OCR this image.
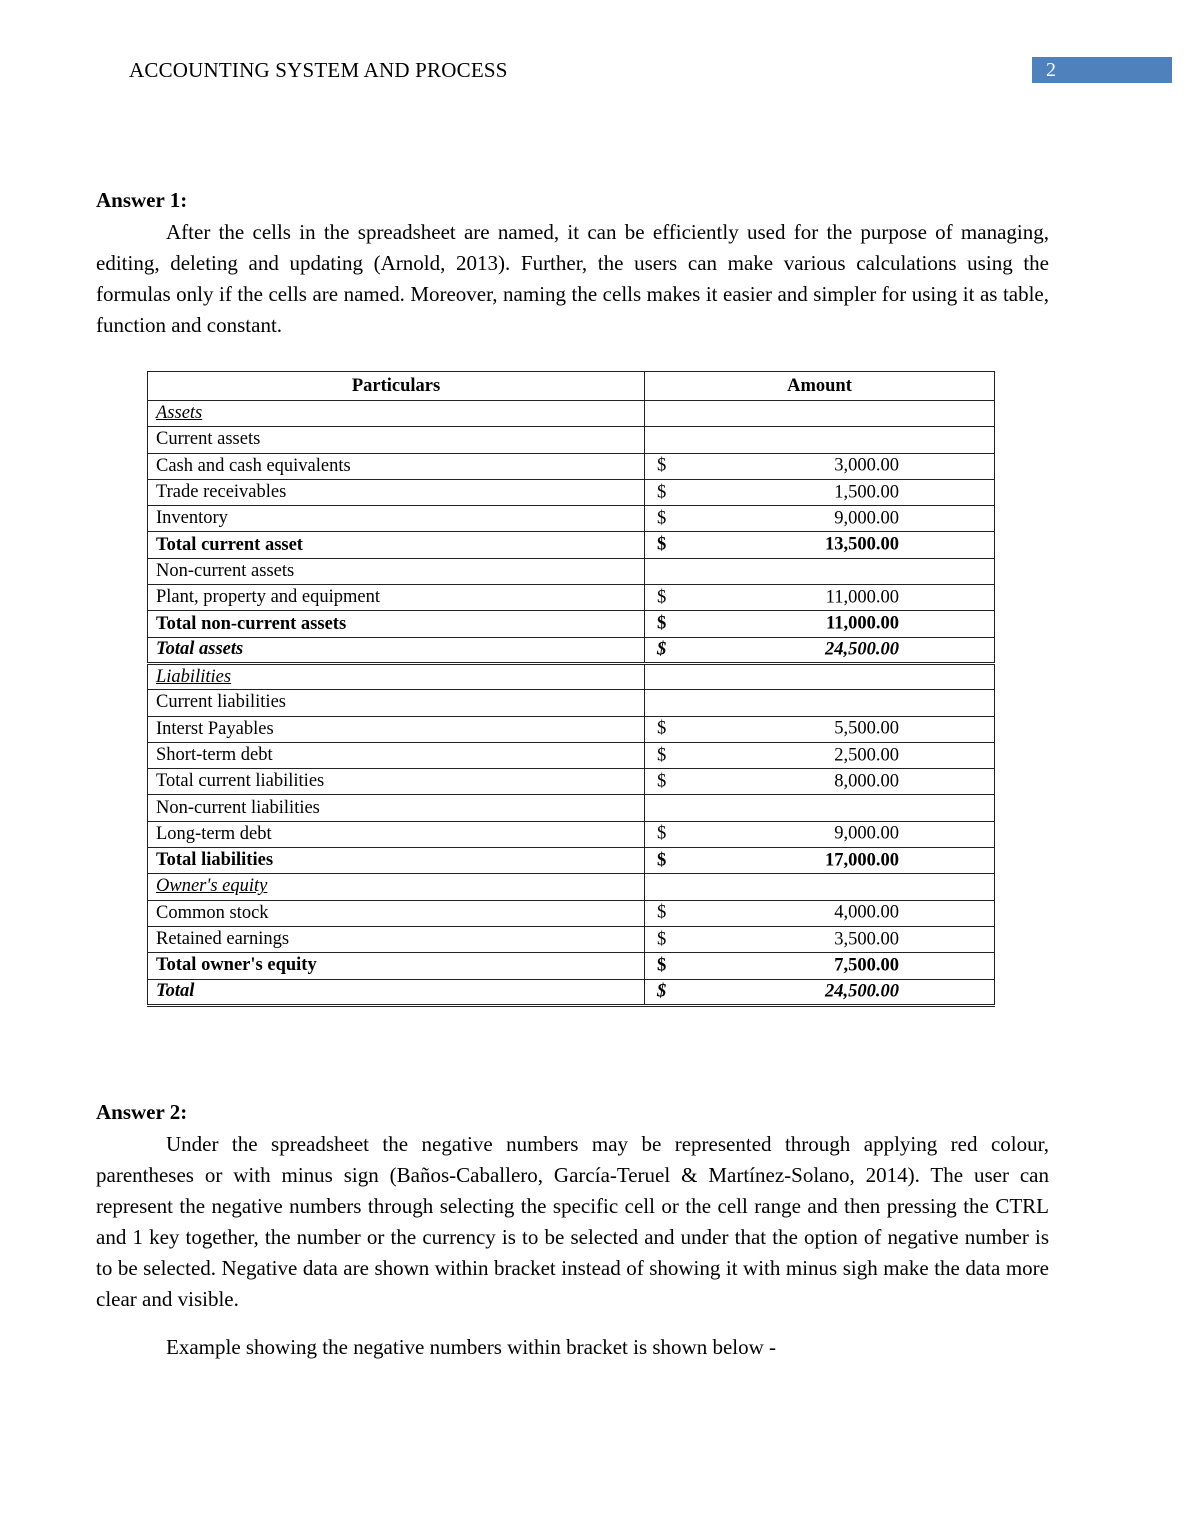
ACCOUNTING SYSTEM AND PROCESS	2
Answer 1:

After the cells in the spreadsheet are named, it can be efficiently used for the purpose of managing, editing, deleting and updating (Arnold, 2013). Further, the users can make various calculations using the formulas only if the cells are named. Moreover, naming the cells makes it easier and simpler for using it as table, function and constant.

Particulars	Amount
Assets	

Current assets	

Cash and cash equivalents	$ 3,000.00

Trade receivables	$ 1,500.00

Inventory	$ 9,000.00

Total current asset	$ 13,500.00

Non-current assets	

Plant, property and equipment	$ 11,000.00

Total non-current assets	$ 11,000.00

Total assets	$ 24,500.00

Liabilities	

Current liabilities	

Interst Payables	$ 5,500.00

Short-term debt	$ 2,500.00

Total current liabilities	$ 8,000.00

Non-current liabilities	

Long-term debt	$ 9,000.00

Total liabilities	$ 17,000.00

Owner's equity	

Common stock	$ 4,000.00

Retained earnings	$ 3,500.00

Total owner's equity	$ 7,500.00

Total	$ 24,500.00
Answer 2:

Under the spreadsheet the negative numbers may be represented through applying red colour, parentheses or with minus sign (Baños-Caballero, García-Teruel & Martínez-Solano, 2014). The user can represent the negative numbers through selecting the specific cell or the cell range and then pressing the CTRL and 1 key together, the number or the currency is to be selected and under that the option of negative number is to be selected. Negative data are shown within bracket instead of showing it with minus sigh make the data more clear and visible.

Example showing the negative numbers within bracket is shown below -
